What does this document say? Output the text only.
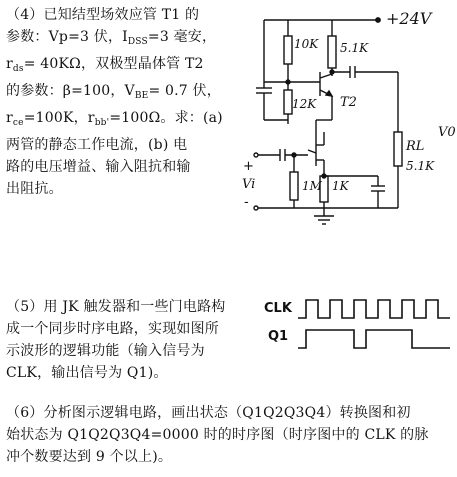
（4）已知结型场效应管 T1 的
参数：Vp=3 伏，$I_{DSS}=3$ 毫安，
$r_{ds}= 40K\Omega$，双极型晶体管 T2
的参数：β=100，$V_{BE}= 0.7$ 伏，
$r_{ce}=100K$，$r_{bb'}=100\Omega$。求：(a)
两管的静态工作电流，(b) 电
路的电压增益、输入阻抗和输
出阻抗。
+24V
10K
12K
5.1K
T2
RL
5.1K
V0
+
Vi
-
1M 1K
（5）用 JK 触发器和一些门电路构
成一个同步时序电路，实现如图所
示波形的逻辑功能（输入信号为
CLK，输出信号为 Q1)。
CLK
Q1
（6）分析图示逻辑电路，画出状态（Q1Q2Q3Q4）转换图和初
始状态为 Q1Q2Q3Q4=0000 时的时序图（时序图中的 CLK 的脉
冲个数要达到 9 个以上)。
